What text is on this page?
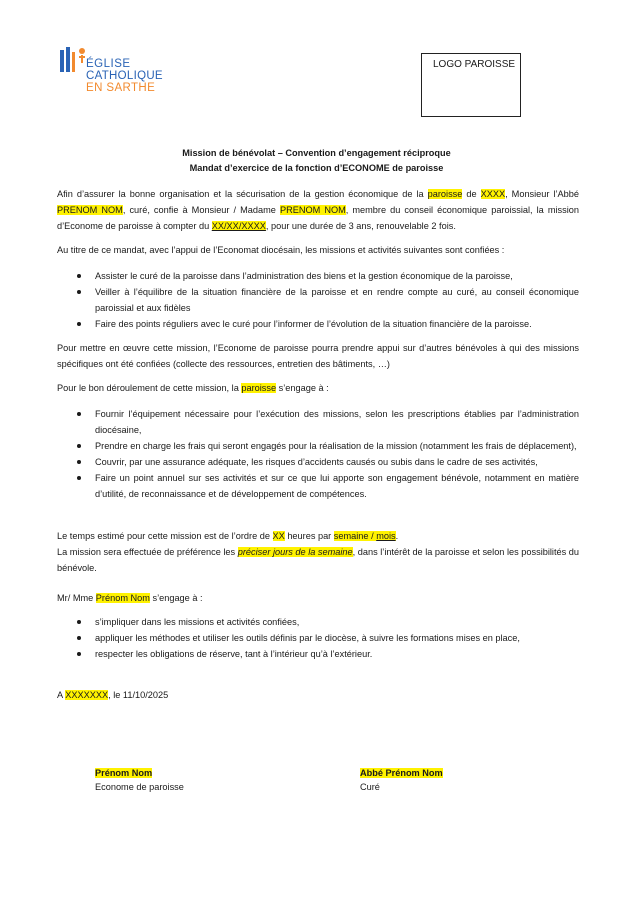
ÉGLISE
CATHOLIQUE
EN SARTHE
LOGO PAROISSE
Mission de bénévolat – Convention d’engagement réciproque
Mandat d’exercice de la fonction d’ECONOME de paroisse
Afin d’assurer la bonne organisation et la sécurisation de la gestion économique de la paroisse de XXXX, Monsieur l’Abbé PRENOM NOM, curé, confie à Monsieur / Madame PRENOM NOM, membre du conseil économique paroissial, la mission d’Econome de paroisse à compter du XX/XX/XXXX, pour une durée de 3 ans, renouvelable 2 fois.
Au titre de ce mandat, avec l’appui de l’Economat diocésain, les missions et activités suivantes sont confiées :
Assister le curé de la paroisse dans l’administration des biens et la gestion économique de la paroisse,
Veiller à l’équilibre de la situation financière de la paroisse et en rendre compte au curé, au conseil économique paroissial et aux fidèles
Faire des points réguliers avec le curé pour l’informer de l’évolution de la situation financière de la paroisse.
Pour mettre en œuvre cette mission, l’Econome de paroisse pourra prendre appui sur d’autres bénévoles à qui des missions spécifiques ont été confiées (collecte des ressources, entretien des bâtiments, …)
Pour le bon déroulement de cette mission, la paroisse s’engage à :
Fournir l’équipement nécessaire pour l’exécution des missions, selon les prescriptions établies par l’administration diocésaine,
Prendre en charge les frais qui seront engagés pour la réalisation de la mission (notamment les frais de déplacement),
Couvrir, par une assurance adéquate, les risques d’accidents causés ou subis dans le cadre de ses activités,
Faire un point annuel sur ses activités et sur ce que lui apporte son engagement bénévole, notamment en matière d’utilité, de reconnaissance et de développement de compétences.
Le temps estimé pour cette mission est de l’ordre de XX heures par semaine / mois.
La mission sera effectuée de préférence les préciser jours de la semaine, dans l’intérêt de la paroisse et selon les possibilités du bénévole.
Mr/ Mme Prénom Nom s’engage à :
s’impliquer dans les missions et activités confiées,
appliquer les méthodes et utiliser les outils définis par le diocèse, à suivre les formations mises en place,
respecter les obligations de réserve, tant à l’intérieur qu’à l’extérieur.
A XXXXXXX, le 11/10/2025
Prénom Nom
Econome de paroisse
Abbé Prénom Nom
Curé
